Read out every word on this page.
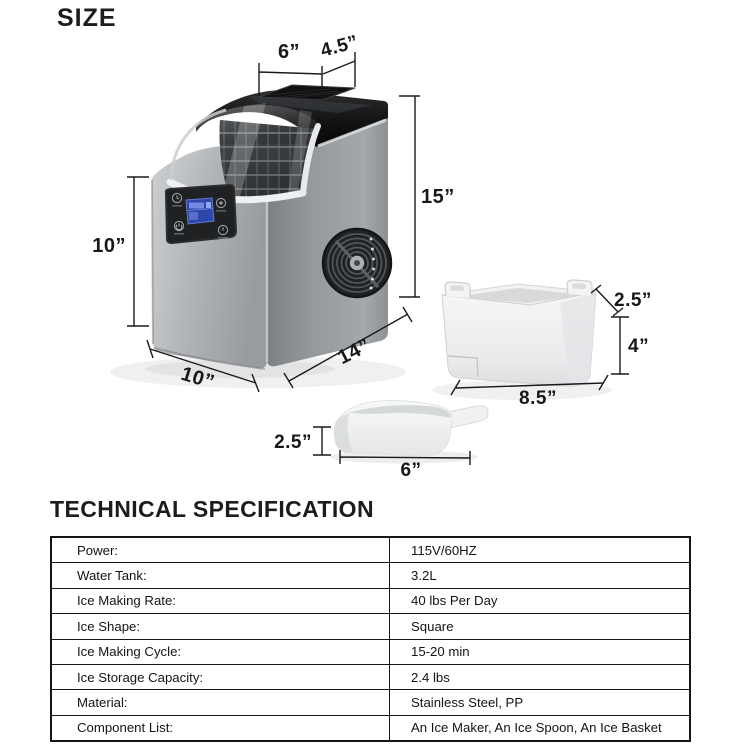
SIZE
6” 4.5”
15”
10”
10”
14”
2.5”
4”
8.5”
2.5”
6”
TECHNICAL SPECIFICATION
Power:	115V/60HZ
Water Tank:	3.2L
Ice Making Rate:	40 lbs Per Day
Ice Shape:	Square
Ice Making Cycle:	15-20 min
Ice Storage Capacity:	2.4 lbs
Material:	Stainless Steel, PP
Component List:	An Ice Maker, An Ice Spoon, An Ice Basket
